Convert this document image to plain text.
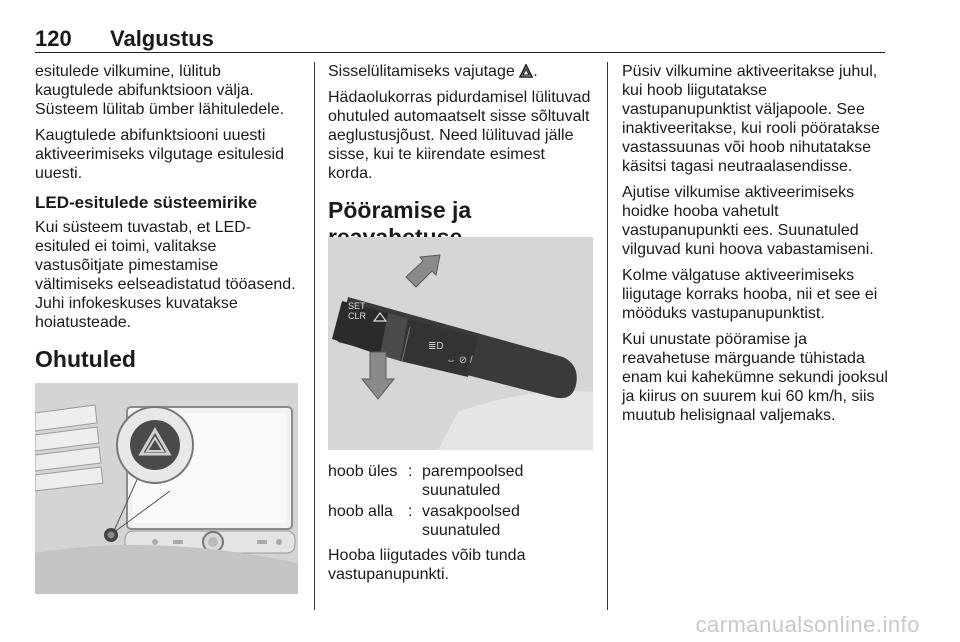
120 Valgustus

esitulede vilkumine, lülitub
kaugtulede abifunktsioon välja.
Süsteem lülitab ümber lähituledele.

Kaugtulede abifunktsiooni uuesti
aktiveerimiseks vilgutage esitulesid
uuesti.

LED-esitulede süsteemirike

Kui süsteem tuvastab, et LED-
esituled ei toimi, valitakse
vastusõitjate pimestamise
vältimiseks eelseadistatud tööasend.
Juhi infokeskuses kuvatakse
hoiatusteade.

Ohutuled

Sisselülitamiseks vajutage .

Hädaolukorras pidurdamisel lülituvad
ohutuled automaatselt sisse sõltuvalt
aeglustusjõust. Need lülituvad jälle
sisse, kui te kiirendate esimest korda.

Pööramise ja

SET CLR
≣D
⇔ ⊘ /
hoob üles : parempoolsed
suunatuled
hoob alla : vasakpoolsed
suunatuled
Hooba liigutades võib tunda
vastupanupunkti.

Püsiv vilkumine aktiveeritakse juhul,
kui hoob liigutatakse
vastupanupunktist väljapoole. See
inaktiveeritakse, kui rooli pööratakse
vastassuunas või hoob nihutatakse
käsitsi tagasi neutraalasendisse.

Ajutise vilkumise aktiveerimiseks
hoidke hooba vahetult
vastupanupunkti ees. Suunatuled
vilguvad kuni hoova vabastamiseni.

Kolme välgatuse aktiveerimiseks
liigutage korraks hooba, nii et see ei
mööduks vastupanupunktist.

Kui unustate pööramise ja
reavahetuse märguande tühistada
enam kui kahekümne sekundi jooksul
ja kiirus on suurem kui 60 km/h, siis
muutub helisignaal valjemaks.

carmanualsonline.info
